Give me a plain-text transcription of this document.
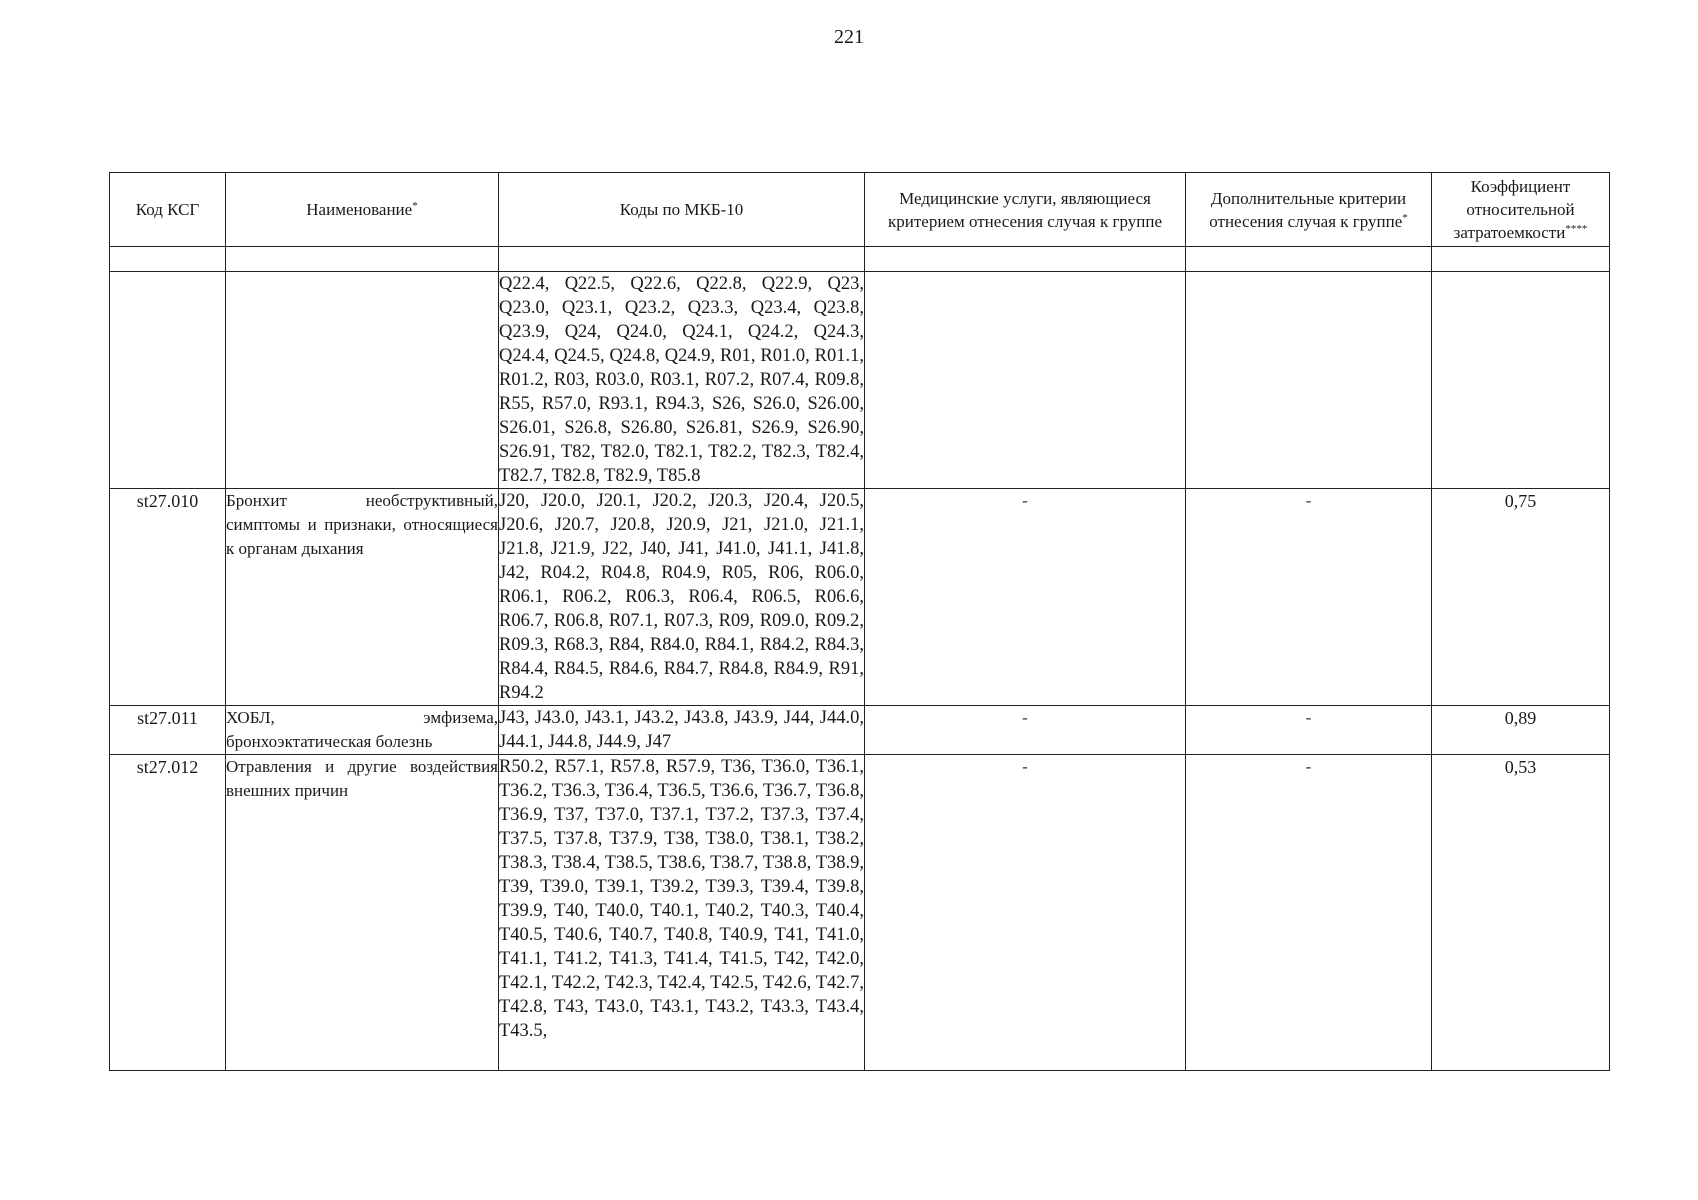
221
Код КСГ	Наименование*	Коды по МКБ-10	Медицинские услуги, являющиеся критерием отнесения случая к группе	Дополнительные критерии отнесения случая к группе*	Коэффициент относительной затратоемкости****

		Q22.4, Q22.5, Q22.6, Q22.8, Q22.9, Q23, Q23.0, Q23.1, Q23.2, Q23.3, Q23.4, Q23.8, Q23.9, Q24, Q24.0, Q24.1, Q24.2, Q24.3, Q24.4, Q24.5, Q24.8, Q24.9, R01, R01.0, R01.1, R01.2, R03, R03.0, R03.1, R07.2, R07.4, R09.8, R55, R57.0, R93.1, R94.3, S26, S26.0, S26.00, S26.01, S26.8, S26.80, S26.81, S26.9, S26.90, S26.91, T82, T82.0, T82.1, T82.2, T82.3, T82.4, T82.7, T82.8, T82.9, T85.8			
st27.010	Бронхит необструктивный, симптомы и признаки, относящиеся к органам дыхания	J20, J20.0, J20.1, J20.2, J20.3, J20.4, J20.5, J20.6, J20.7, J20.8, J20.9, J21, J21.0, J21.1, J21.8, J21.9, J22, J40, J41, J41.0, J41.1, J41.8, J42, R04.2, R04.8, R04.9, R05, R06, R06.0, R06.1, R06.2, R06.3, R06.4, R06.5, R06.6, R06.7, R06.8, R07.1, R07.3, R09, R09.0, R09.2, R09.3, R68.3, R84, R84.0, R84.1, R84.2, R84.3, R84.4, R84.5, R84.6, R84.7, R84.8, R84.9, R91, R94.2	-	-	0,75
st27.011	ХОБЛ, эмфизема, бронхоэктатическая болезнь	J43, J43.0, J43.1, J43.2, J43.8, J43.9, J44, J44.0, J44.1, J44.8, J44.9, J47	-	-	0,89
st27.012	Отравления и другие воздействия внешних причин	R50.2, R57.1, R57.8, R57.9, T36, T36.0, T36.1, T36.2, T36.3, T36.4, T36.5, T36.6, T36.7, T36.8, T36.9, T37, T37.0, T37.1, T37.2, T37.3, T37.4, T37.5, T37.8, T37.9, T38, T38.0, T38.1, T38.2, T38.3, T38.4, T38.5, T38.6, T38.7, T38.8, T38.9, T39, T39.0, T39.1, T39.2, T39.3, T39.4, T39.8, T39.9, T40, T40.0, T40.1, T40.2, T40.3, T40.4, T40.5, T40.6, T40.7, T40.8, T40.9, T41, T41.0, T41.1, T41.2, T41.3, T41.4, T41.5, T42, T42.0, T42.1, T42.2, T42.3, T42.4, T42.5, T42.6, T42.7, T42.8, T43, T43.0, T43.1, T43.2, T43.3, T43.4, T43.5,	-	-	0,53
